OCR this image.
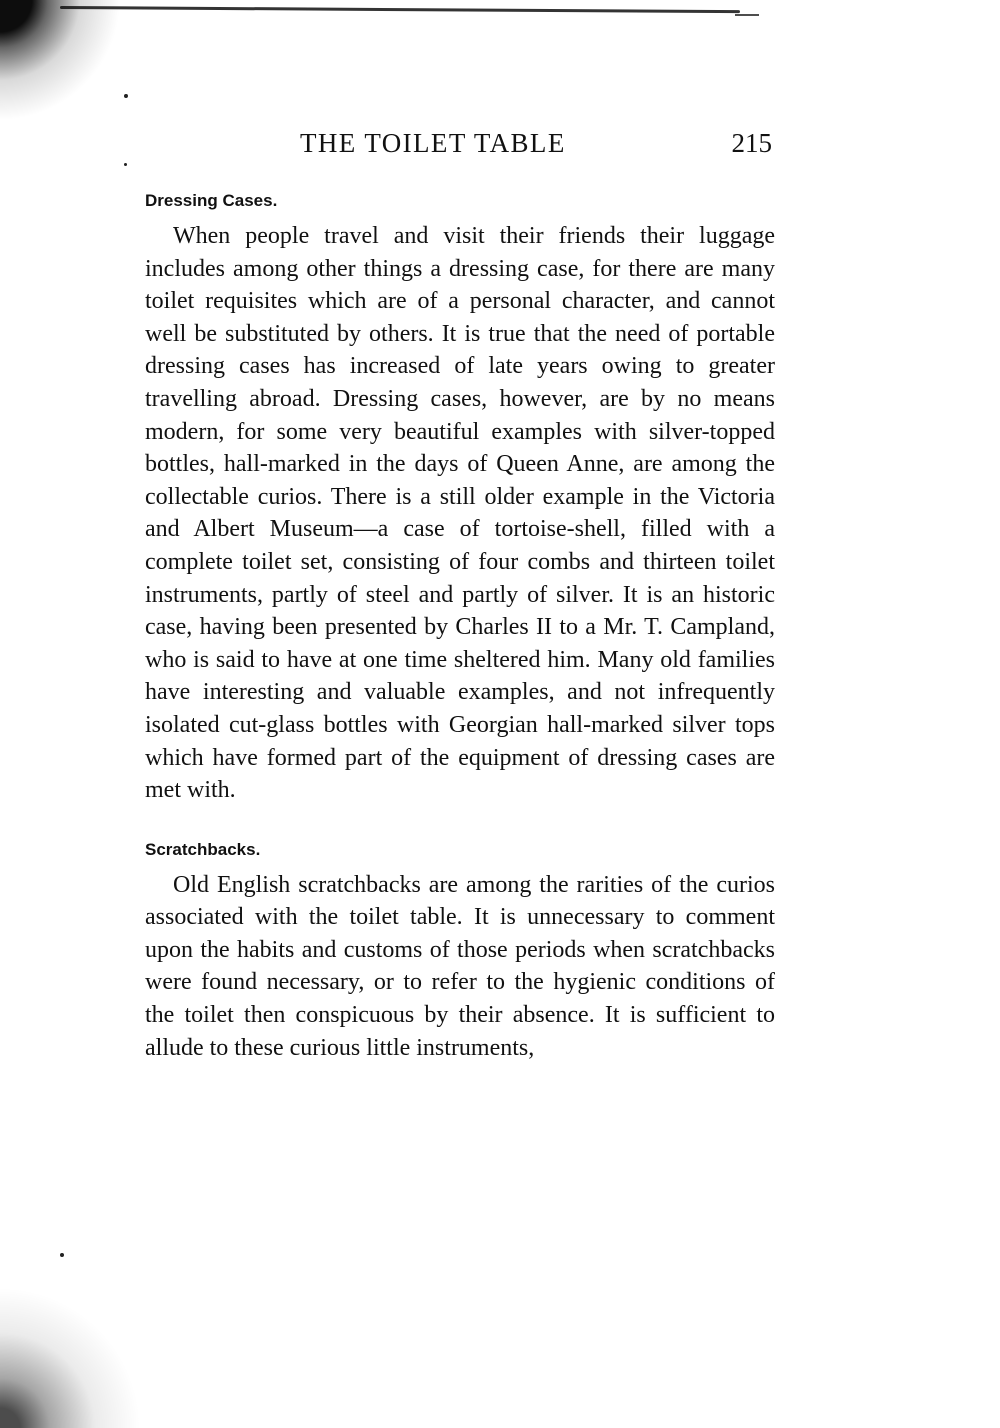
THE TOILET TABLE	215
Dressing Cases.

When people travel and visit their friends their luggage includes among other things a dressing case, for there are many toilet requisites which are of a personal character, and cannot well be substituted by others. It is true that the need of portable dressing cases has increased of late years owing to greater travelling abroad. Dressing cases, however, are by no means modern, for some very beautiful examples with silver-topped bottles, hall-marked in the days of Queen Anne, are among the collectable curios. There is a still older example in the Victoria and Albert Museum—a case of tortoise-shell, filled with a complete toilet set, consisting of four combs and thirteen toilet instruments, partly of steel and partly of silver. It is an historic case, having been presented by Charles II to a Mr. T. Campland, who is said to have at one time sheltered him. Many old families have interesting and valuable examples, and not infrequently isolated cut-glass bottles with Georgian hall-marked silver tops which have formed part of the equipment of dressing cases are met with.

Scratchbacks.

Old English scratchbacks are among the rarities of the curios associated with the toilet table. It is unnecessary to comment upon the habits and customs of those periods when scratchbacks were found necessary, or to refer to the hygienic conditions of the toilet then conspicuous by their absence. It is sufficient to allude to these curious little instruments,
